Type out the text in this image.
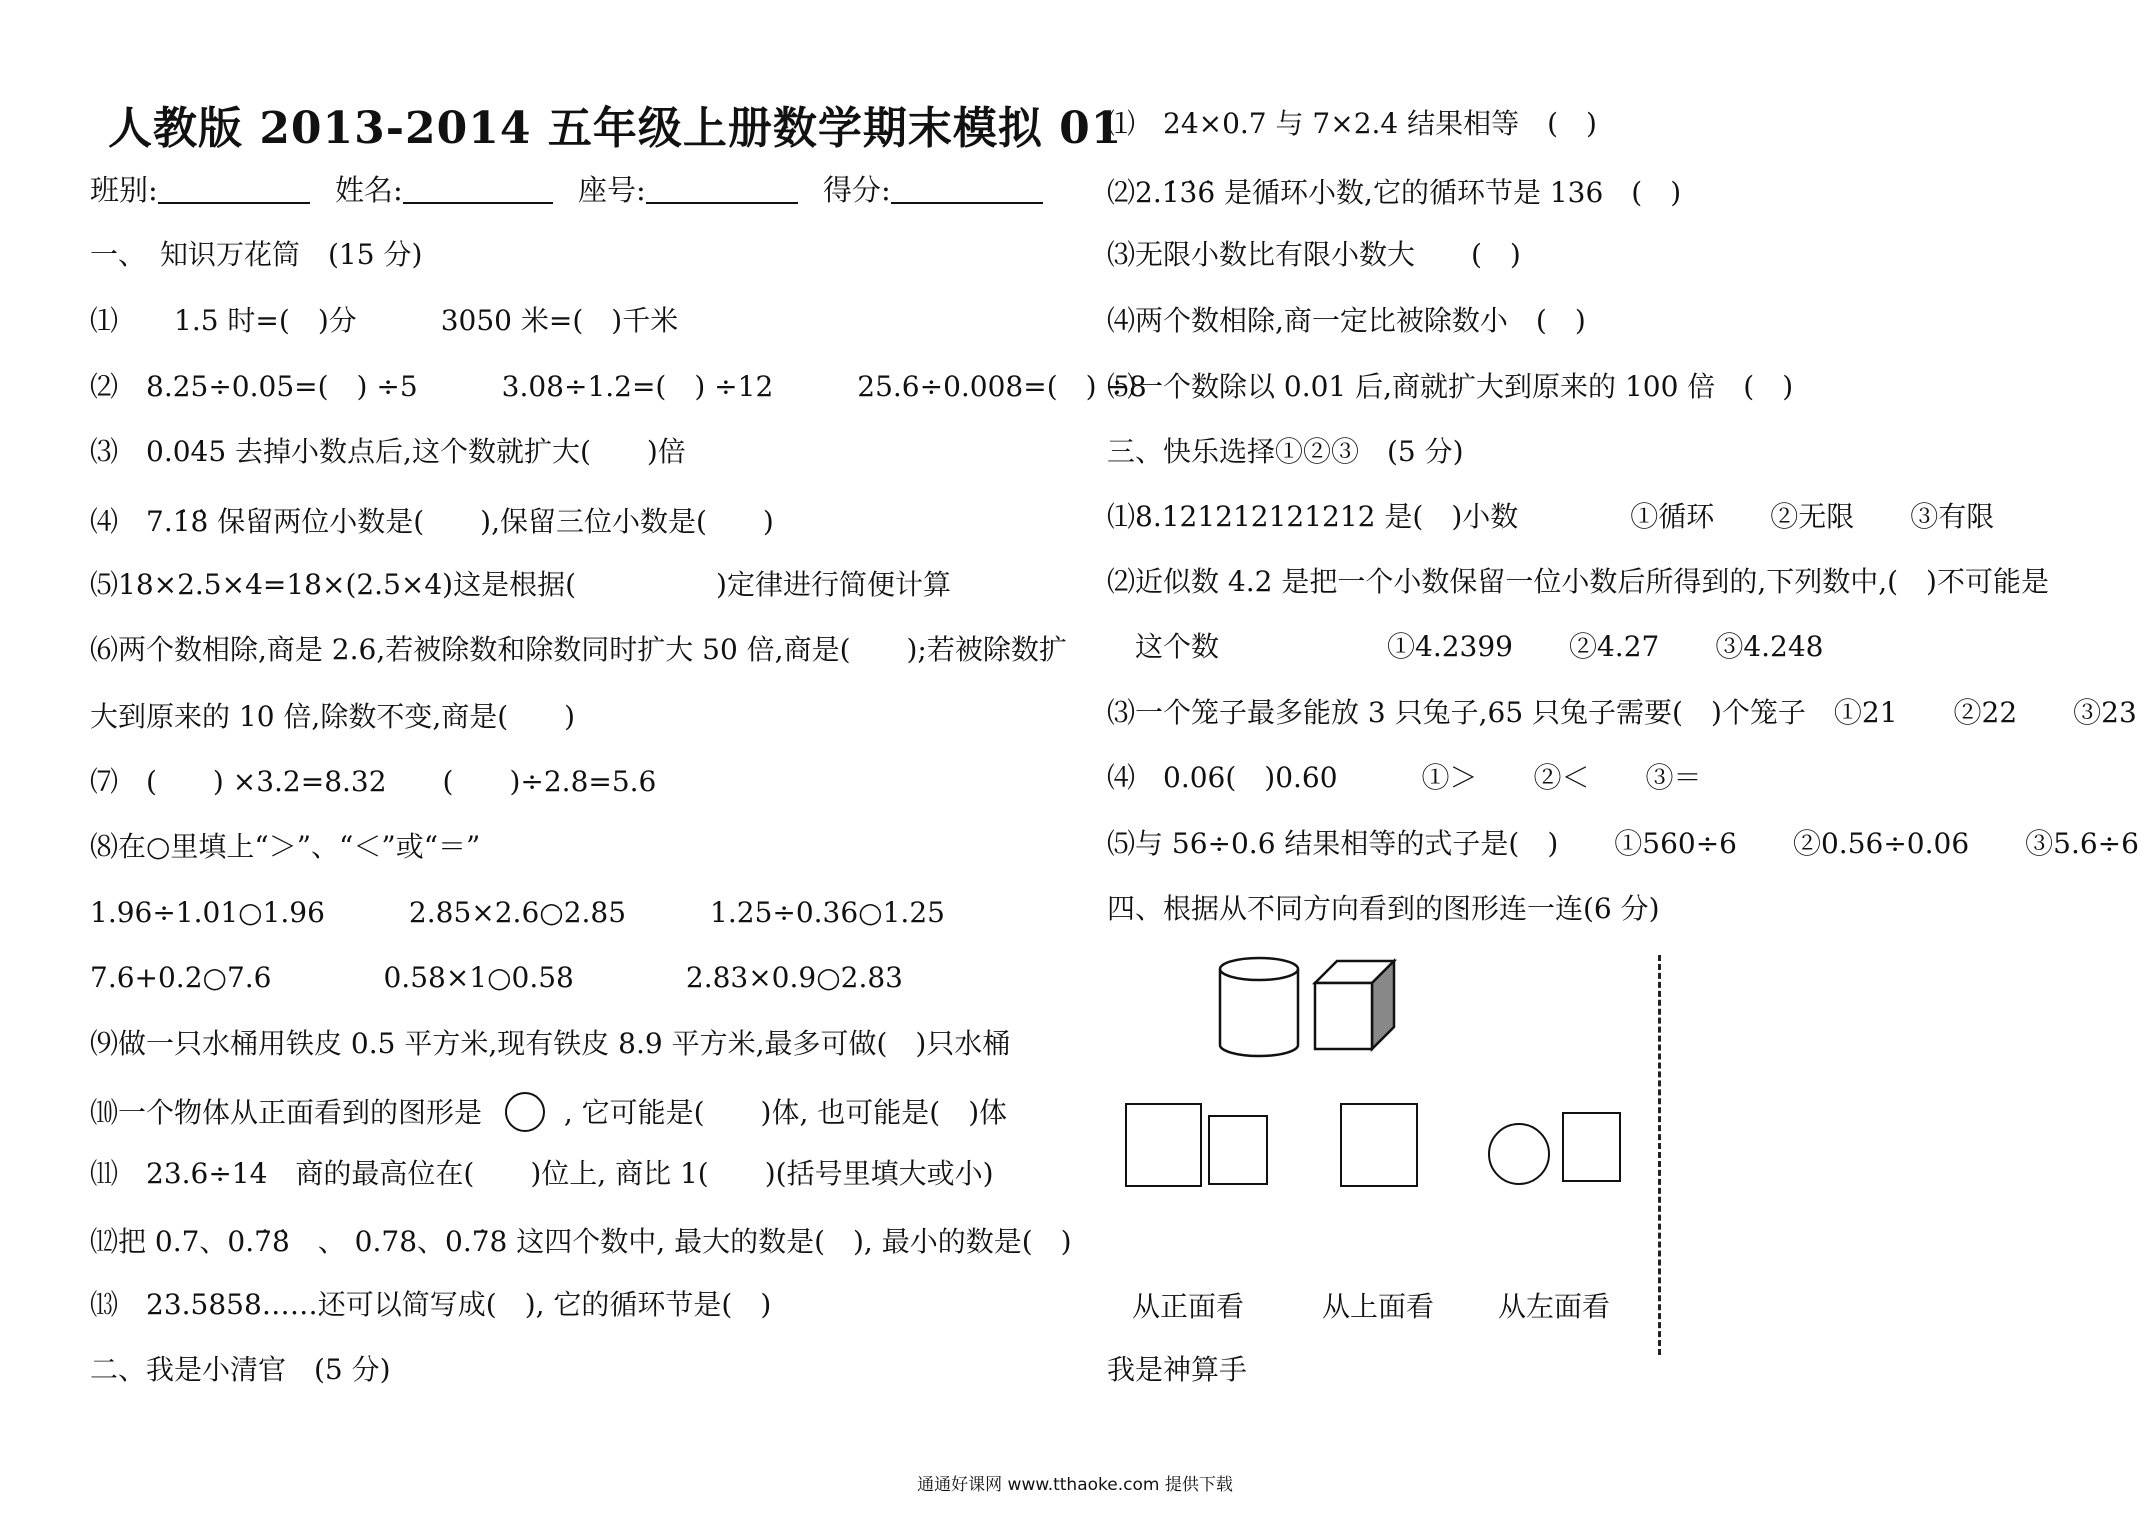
人教版 2013-2014 五年级上册数学期末模拟 01
班别:	姓名:	座号:	得分:
一、　知识万花筒　(15 分)
⑴　　1.5 时=(　)分　　　3050 米=(　)千米
⑵　8.25÷0.05=(　) ÷5　　　3.08÷1.2=(　) ÷12　　　25.6÷0.008=(　) ÷8
⑶　0.045 去掉小数点后,这个数就扩大(　　)倍
⑷　7.1̇8̇ 保留两位小数是(　　),保留三位小数是(　　)
⑸18×2.5×4=18×(2.5×4)这是根据(　　　　　)定律进行简便计算
⑹两个数相除,商是 2.6,若被除数和除数同时扩大 50 倍,商是(　　);若被除数扩
大到原来的 10 倍,除数不变,商是(　　)
⑺　(　　) ×3.2=8.32　　(　　)÷2.8=5.6
⑻在○里填上“＞”、“＜”或“＝”
1.96÷1.01○1.96　　　2.85×2.6○2.85　　　1.25÷0.36○1.25
7.6+0.2○7.6　　　　0.58×1○0.58　　　　2.83×0.9○2.83
⑼做一只水桶用铁皮 0.5 平方米,现有铁皮 8.9 平方米,最多可做(　)只水桶
⑽一个物体从正面看到的图形是	, 它可能是(　　)体, 也可能是(　)体
⑾　23.6÷14　商的最高位在(　　)位上, 商比 1(　　)(括号里填大或小)
⑿把 0.7、0.7̇8̇　、 0.78、0.7̇8 这四个数中, 最大的数是(　), 最小的数是(　)
⒀　23.5858……还可以简写成(　), 它的循环节是(　)
二、我是小清官　(5 分)
⑴　24×0.7 与 7×2.4 结果相等　(　)
⑵2.1̇3̇6̇ 是循环小数,它的循环节是 136　(　)
⑶无限小数比有限小数大　　(　)
⑷两个数相除,商一定比被除数小　(　)
⑸一个数除以 0.01 后,商就扩大到原来的 100 倍　(　)
三、快乐选择①②③　(5 分)
⑴8.121212121212 是(　)小数　　　　①循环　　②无限　　③有限
⑵近似数 4.2 是把一个小数保留一位小数后所得到的,下列数中,(　)不可能是
　这个数　　　　　　①4.2399　　②4.27　　③4.248
⑶一个笼子最多能放 3 只兔子,65 只兔子需要(　)个笼子　①21　　②22　　③23
⑷　0.06(　)0.60　　　①＞　　②＜　　③＝
⑸与 56÷0.6 结果相等的式子是(　)　　①560÷6　　②0.56÷0.06　　③5.6÷6
四、根据从不同方向看到的图形连一连(6 分)
从正面看	从上面看 从左面看
我是神算手
通通好课网 www.tthaoke.com 提供下载
